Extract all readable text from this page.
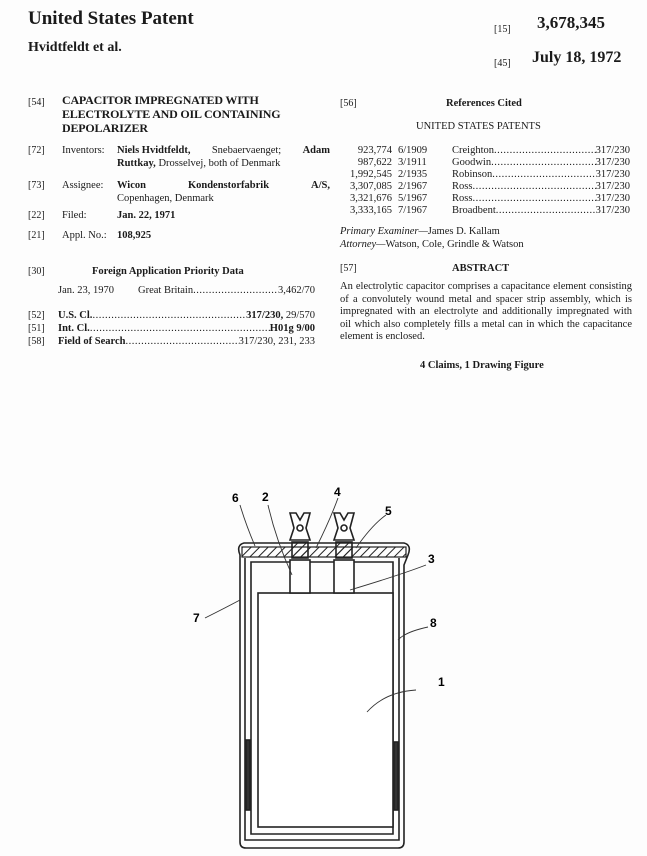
United States Patent
Hvidtfeldt et al.
[15] 3,678,345
[45] July 18, 1972
[54] CAPACITOR IMPREGNATED WITH
ELECTROLYTE AND OIL CONTAINING
DEPOLARIZER
[72] Inventors: Niels Hvidtfeldt, Snebaervaenget; Adam
Ruttkay, Drosselvej, both of Denmark
[73] Assignee: Wicon	Kondenstorfabrik	A/S,
Copenhagen, Denmark
[22] Filed:	Jan. 22, 1971
[21] Appl. No.: 108,925
[30]	Foreign Application Priority Data
Jan. 23, 1970 Great Britain .....	3,462/70
[52] U.S. Cl. .....	317/230,
29/570
[51] Int. Cl. .....	H01g 9/00
[58] Field of Search .....	317/230, 231, 233
[56]	References Cited
UNITED STATES PATENTS
923,774 6/1909 Creighton .....	317/230
987,622 3/1911 Goodwin .....	317/230
1,992,545 2/1935 Robinson .....	317/230
3,307,085 2/1967 Ross .....	317/230
3,321,676 5/1967 Ross .....	317/230
3,333,165 7/1967 Broadbent .....	317/230
Primary Examiner—James D. Kallam
Attorney—Watson, Cole, Grindle & Watson
[57]	ABSTRACT
An electrolytic capacitor comprises a capacitance element consisting of a convolutely wound metal and spacer strip assembly, which is impregnated with an electrolyte and additionally impregnated with oil which also completely fills a metal can in which the capacitance element is enclosed.
4 Claims, 1 Drawing Figure
6 2	4
5
3
7	8
1
